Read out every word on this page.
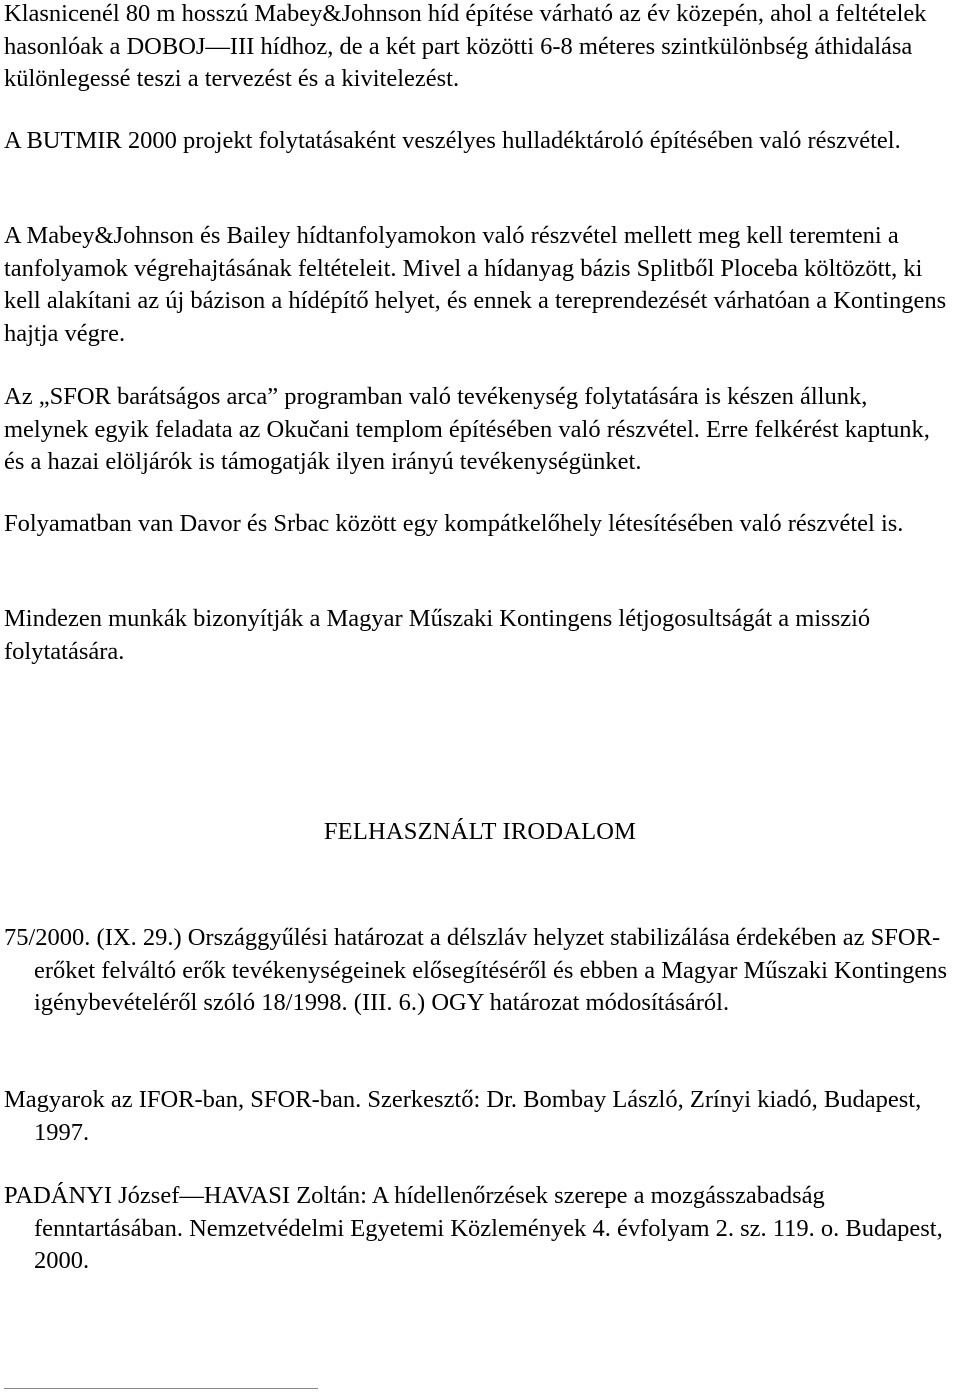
Klasnicenél 80 m hosszú Mabey&Johnson híd építése várható az év közepén, ahol a feltételek hasonlóak a DOBOJ—III hídhoz, de a két part közötti 6-8 méteres szintkülönbség áthidalása különlegessé teszi a tervezést és a kivitelezést.

A BUTMIR 2000 projekt folytatásaként veszélyes hulladéktároló építésében való részvétel.

A Mabey&Johnson és Bailey hídtanfolyamokon való részvétel mellett meg kell teremteni a tanfolyamok végrehajtásának feltételeit. Mivel a hídanyag bázis Splitből Ploceba költözött, ki kell alakítani az új bázison a hídépítő helyet, és ennek a tereprendezését várhatóan a Kontingens hajtja végre.

Az „SFOR barátságos arca” programban való tevékenység folytatására is készen állunk, melynek egyik feladata az Okučani templom építésében való részvétel. Erre felkérést kaptunk, és a hazai elöljárók is támogatják ilyen irányú tevékenységünket.

Folyamatban van Davor és Srbac között egy kompátkelőhely létesítésében való részvétel is.

Mindezen munkák bizonyítják a Magyar Műszaki Kontingens létjogosultságát a misszió folytatására.

FELHASZNÁLT IRODALOM

75/2000. (IX. 29.) Országgyűlési határozat a délszláv helyzet stabilizálása érdekében az SFOR-erőket felváltó erők tevékenységeinek elősegítéséről és ebben a Magyar Műszaki Kontingens igénybevételéről szóló 18/1998. (III. 6.) OGY határozat módosításáról.

Magyarok az IFOR-ban, SFOR-ban. Szerkesztő: Dr. Bombay László, Zrínyi kiadó, Budapest, 1997.

PADÁNYI József—HAVASI Zoltán: A hídellenőrzések szerepe a mozgásszabadság fenntartásában. Nemzetvédelmi Egyetemi Közlemények 4. évfolyam 2. sz. 119. o. Budapest, 2000.
